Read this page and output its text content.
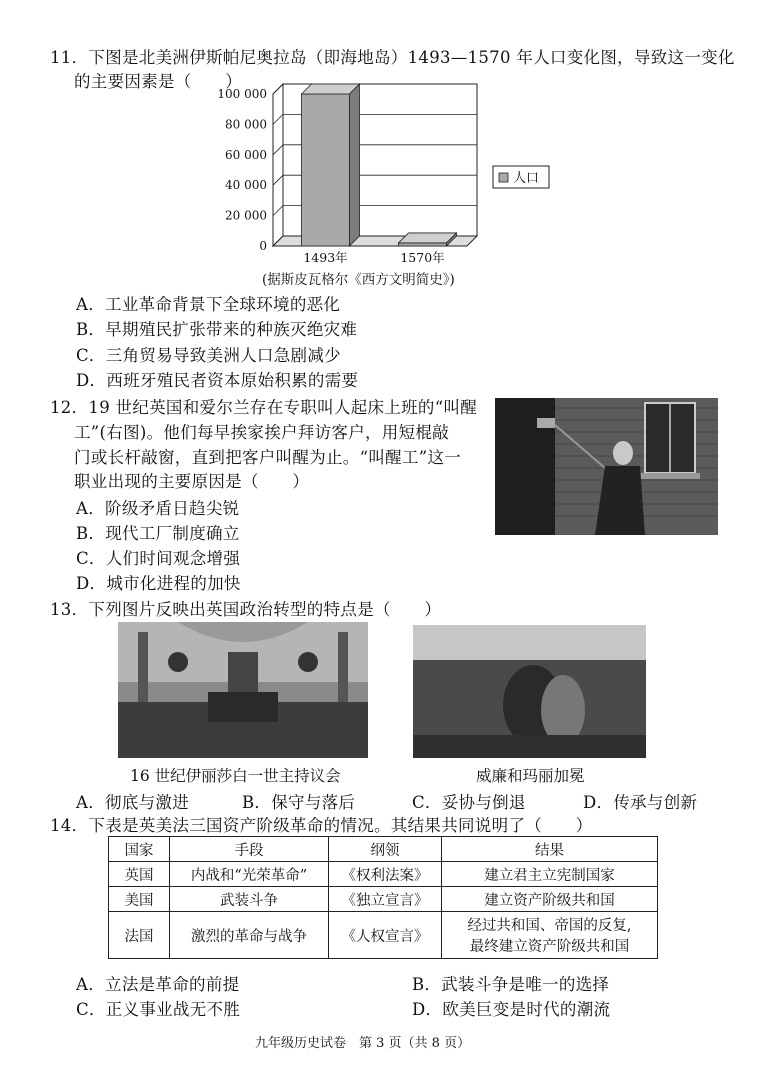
11．下图是北美洲伊斯帕尼奥拉岛（即海地岛）1493—1570 年人口变化图，导致这一变化
的主要因素是（　　）
100 000
80 000
60 000
40 000
20 000
0
1493年	1570年
人口
(据斯皮瓦格尔《西方文明简史》)
A．工业革命背景下全球环境的恶化
B．早期殖民扩张带来的种族灭绝灾难
C．三角贸易导致美洲人口急剧减少
D．西班牙殖民者资本原始积累的需要
12．19 世纪英国和爱尔兰存在专职叫人起床上班的“叫醒
工”(右图)。他们每早挨家挨户拜访客户，用短棍敲
门或长杆敲窗，直到把客户叫醒为止。“叫醒工”这一
职业出现的主要原因是（　　）
A．阶级矛盾日趋尖锐
B．现代工厂制度确立
C．人们时间观念增强
D．城市化进程的加快
13．下列图片反映出英国政治转型的特点是（　　）
16 世纪伊丽莎白一世主持议会	威廉和玛丽加冕
A．彻底与激进	B．保守与落后	C．妥协与倒退	D．传承与创新
14．下表是英美法三国资产阶级革命的情况。其结果共同说明了（　　）
国家	手段	纲领	结果
英国	内战和“光荣革命”	《权利法案》	建立君主立宪制国家
美国	武装斗争	《独立宣言》	建立资产阶级共和国
法国	激烈的革命与战争	《人权宣言》	经过共和国、帝国的反复,
最终建立资产阶级共和国
A．立法是革命的前提	B．武装斗争是唯一的选择
C．正义事业战无不胜	D．欧美巨变是时代的潮流
九年级历史试卷　第 3 页（共 8 页）
